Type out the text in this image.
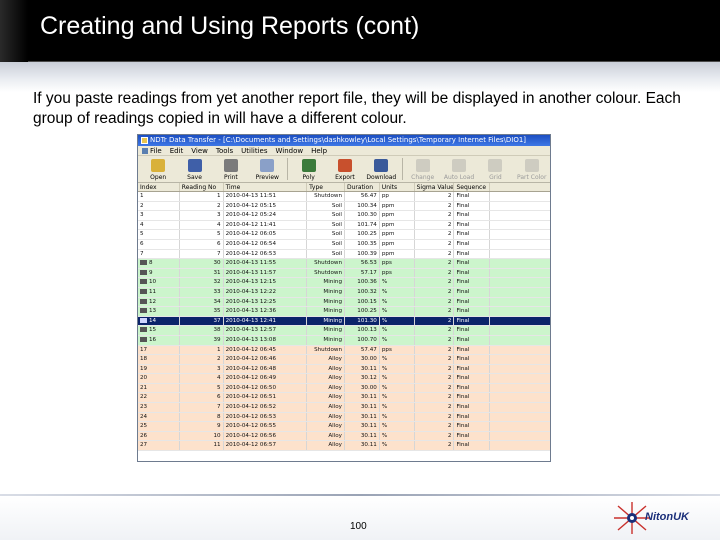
Creating and Using Reports (cont)
If you paste readings from yet another report file, they will be displayed in another colour. Each group of readings copied in will have a different colour.
NDTr Data Transfer - [C:\Documents and Settings\dashkowley\Local Settings\Temporary Internet Files\DIO1]
File Edit View Tools Utilities Window Help
Open	Save	Print	Preview	Poly	Export Download Change Auto Load Grid	Part Color
Index	Reading No	Time	Type	Duration	Units	Sigma Value Sequence
1	1 2010-04-13 11:51	Shutdown	56.47 pp	2 Final
2	2 2010-04-12 05:15	Soil	100.34 ppm	2 Final
3	3 2010-04-12 05:24	Soil	100.30 ppm	2 Final
4	4 2010-04-12 11:41	Soil	101.74 ppm	2 Final
5	5 2010-04-12 06:05	Soil	100.25 ppm	2 Final
6	6 2010-04-12 06:54	Soil	100.35 ppm	2 Final
7	7 2010-04-12 06:53	Soil	100.39 ppm	2 Final
8	30 2010-04-13 11:55	Shutdown	56.53 pps	2 Final
9	31 2010-04-13 11:57	Shutdown	57.17 pps	2 Final
10	32 2010-04-13 12:15	Mining	100.36 %	2 Final
11	33 2010-04-13 12:22	Mining	100.32 %	2 Final
12	34 2010-04-13 12:25	Mining	100.15 %	2 Final
13	35 2010-04-13 12:36	Mining	100.25 %	2 Final
14	37 2010-04-13 12:41	Mining	101.30 %	2 Final
15	38 2010-04-13 12:57	Mining	100.13 %	2 Final
16	39 2010-04-13 13:08	Mining	100.70 %	2 Final
17	1 2010-04-12 06:45	Shutdown	57.47 pps	2 Final
18	2 2010-04-12 06:46	Alloy	30.00 %	2 Final
19	3 2010-04-12 06:48	Alloy	30.11 %	2 Final
20	4 2010-04-12 06:49	Alloy	30.12 %	2 Final
21	5 2010-04-12 06:50	Alloy	30.00 %	2 Final
22	6 2010-04-12 06:51	Alloy	30.11 %	2 Final
23	7 2010-04-12 06:52	Alloy	30.11 %	2 Final
24	8 2010-04-12 06:53	Alloy	30.11 %	2 Final
25	9 2010-04-12 06:55	Alloy	30.11 %	2 Final
26	10 2010-04-12 06:56	Alloy	30.11 %	2 Final
27	11 2010-04-12 06:57	Alloy	30.11 %	2 Final
100
NitonUK
